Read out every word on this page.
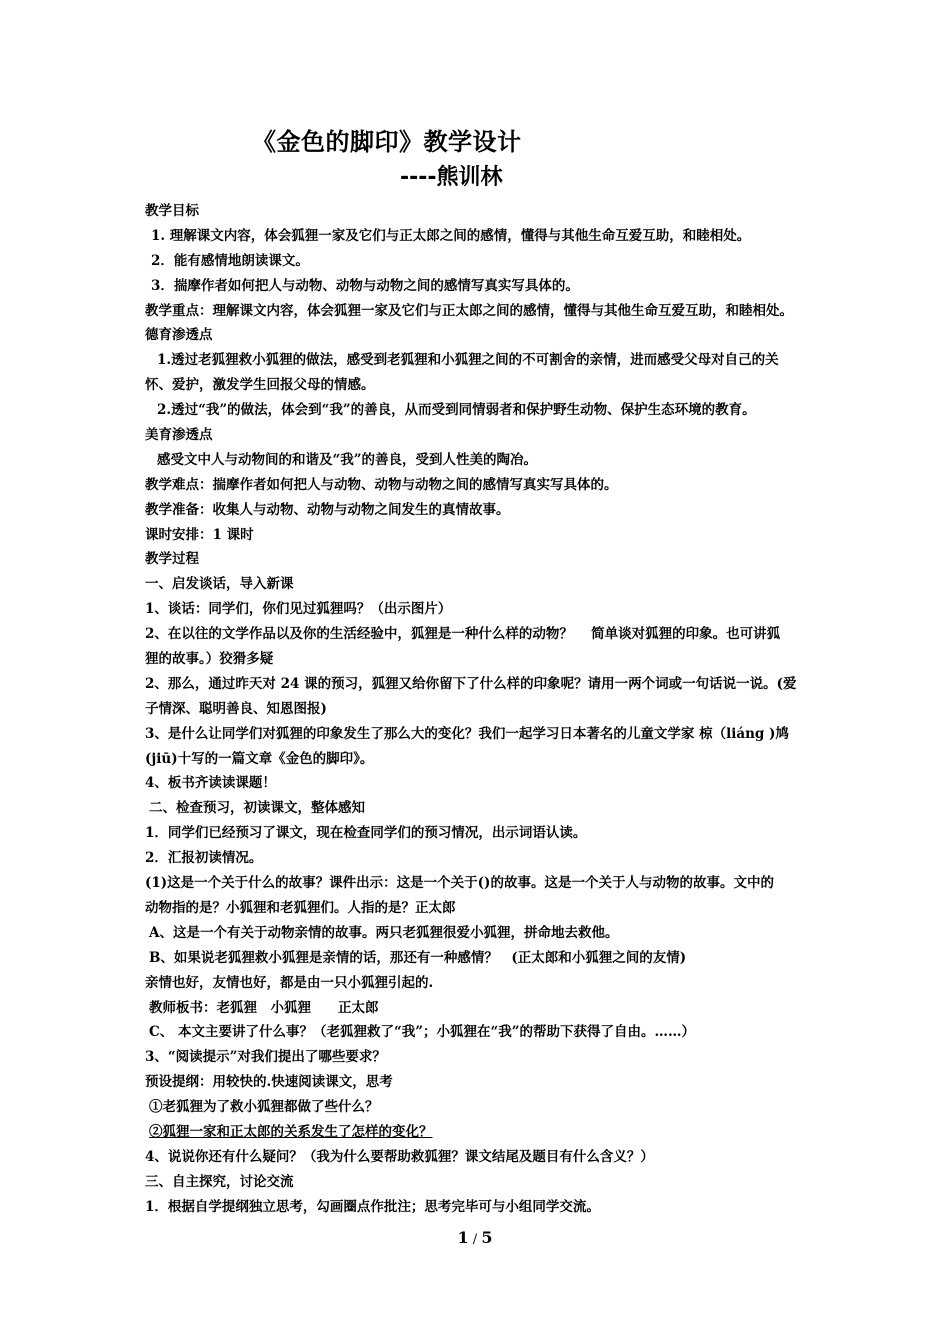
《金色的脚印》教学设计
----熊训林
教学目标
1. 理解课文内容，体会狐狸一家及它们与正太郎之间的感情，懂得与其他生命互爱互助，和睦相处。
2．能有感情地朗读课文。
3．揣摩作者如何把人与动物、动物与动物之间的感情写真实写具体的。
教学重点：理解课文内容，体会狐狸一家及它们与正太郎之间的感情，懂得与其他生命互爱互助，和睦相处。
德育渗透点
1.透过老狐狸救小狐狸的做法，感受到老狐狸和小狐狸之间的不可割舍的亲情，进而感受父母对自己的关
怀、爱护，激发学生回报父母的情感。
2.透过“我”的做法，体会到“我”的善良，从而受到同情弱者和保护野生动物、保护生态环境的教育。
美育渗透点
感受文中人与动物间的和谐及“我”的善良，受到人性美的陶冶。
教学难点：揣摩作者如何把人与动物、动物与动物之间的感情写真实写具体的。
教学准备：收集人与动物、动物与动物之间发生的真情故事。
课时安排：1 课时
教学过程
一、启发谈话，导入新课
1、谈话：同学们，你们见过狐狸吗？（出示图片）
2、在以往的文学作品以及你的生活经验中，狐狸是一种什么样的动物？　 简单谈对狐狸的印象。也可讲狐
狸的故事。）狡猾多疑
2、那么，通过昨天对 24 课的预习，狐狸又给你留下了什么样的印象呢？请用一两个词或一句话说一说。(爱
子情深、聪明善良、知恩图报)
3、是什么让同学们对狐狸的印象发生了那么大的变化？我们一起学习日本著名的儿童文学家 椋（liáng )鸠
(jiū)十写的一篇文章《金色的脚印》。
4、板书齐读读课题！
二、检查预习，初读课文，整体感知
1．同学们已经预习了课文，现在检查同学们的预习情况，出示词语认读。
2．汇报初读情况。
(1)这是一个关于什么的故事？课件出示：这是一个关于()的故事。这是一个关于人与动物的故事。文中的
动物指的是？小狐狸和老狐狸们。人指的是？正太郎
A、这是一个有关于动物亲情的故事。两只老狐狸很爱小狐狸，拼命地去救他。
B、如果说老狐狸救小狐狸是亲情的话，那还有一种感情？　(正太郎和小狐狸之间的友情)
亲情也好，友情也好，都是由一只小狐狸引起的.
教师板书：老狐狸　小狐狸　　正太郎
C、 本文主要讲了什么事？（老狐狸救了“我”；小狐狸在“我”的帮助下获得了自由。……）
3、“阅读提示”对我们提出了哪些要求？
预设提纲：用较快的.快速阅读课文，思考
①老狐狸为了救小狐狸都做了些什么？
②狐狸一家和正太郎的关系发生了怎样的变化？
4、说说你还有什么疑问？（我为什么要帮助救狐狸？课文结尾及题目有什么含义？）
三、自主探究，讨论交流
1．根据自学提纲独立思考，勾画圈点作批注；思考完毕可与小组同学交流。
1 / 5
